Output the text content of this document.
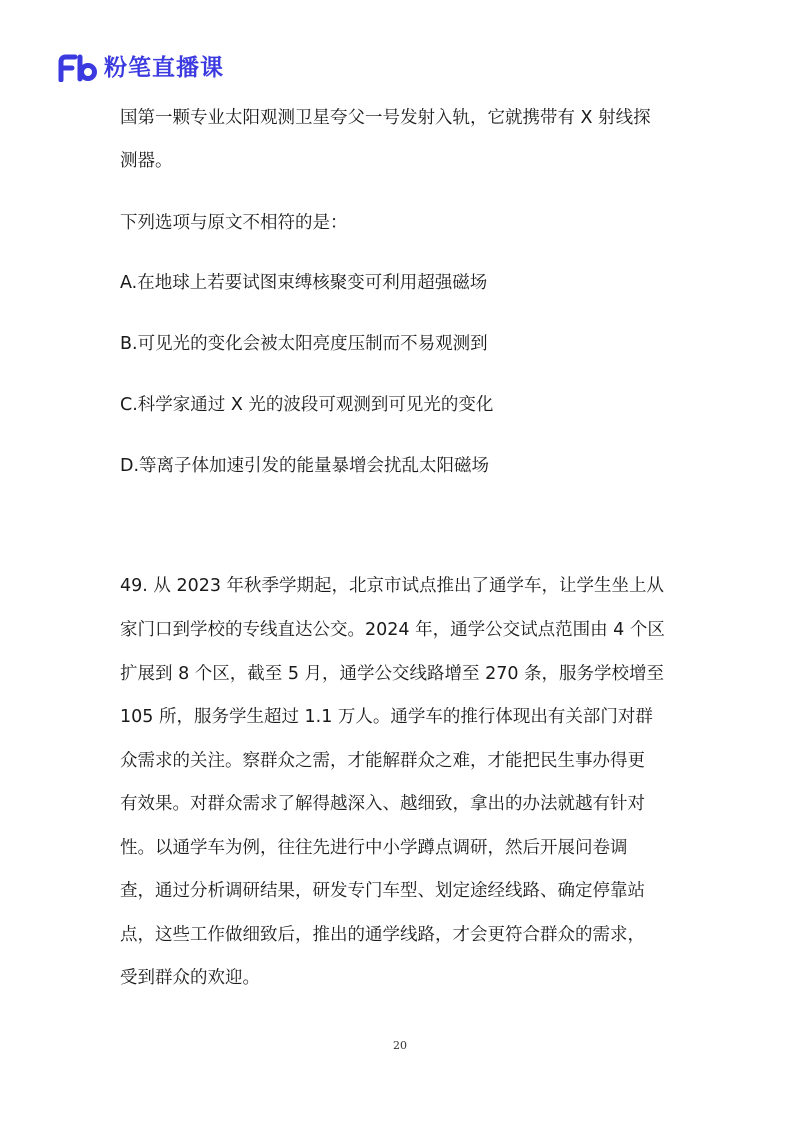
Fb
粉笔直播课

国第一颗专业太阳观测卫星夸父一号发射入轨，它就携带有 X 射线探

测器。

下列选项与原文不相符的是：

A.在地球上若要试图束缚核聚变可利用超强磁场

B.可见光的变化会被太阳亮度压制而不易观测到

C.科学家通过 X 光的波段可观测到可见光的变化

D.等离子体加速引发的能量暴增会扰乱太阳磁场

49. 从 2023 年秋季学期起，北京市试点推出了通学车，让学生坐上从

家门口到学校的专线直达公交。2024 年，通学公交试点范围由 4 个区

扩展到 8 个区，截至 5 月，通学公交线路增至 270 条，服务学校增至

105 所，服务学生超过 1.1 万人。通学车的推行体现出有关部门对群

众需求的关注。察群众之需，才能解群众之难，才能把民生事办得更

有效果。对群众需求了解得越深入、越细致，拿出的办法就越有针对

性。以通学车为例，往往先进行中小学蹲点调研，然后开展问卷调

查，通过分析调研结果，研发专门车型、划定途经线路、确定停靠站

点，这些工作做细致后，推出的通学线路，才会更符合群众的需求，

受到群众的欢迎。

20
